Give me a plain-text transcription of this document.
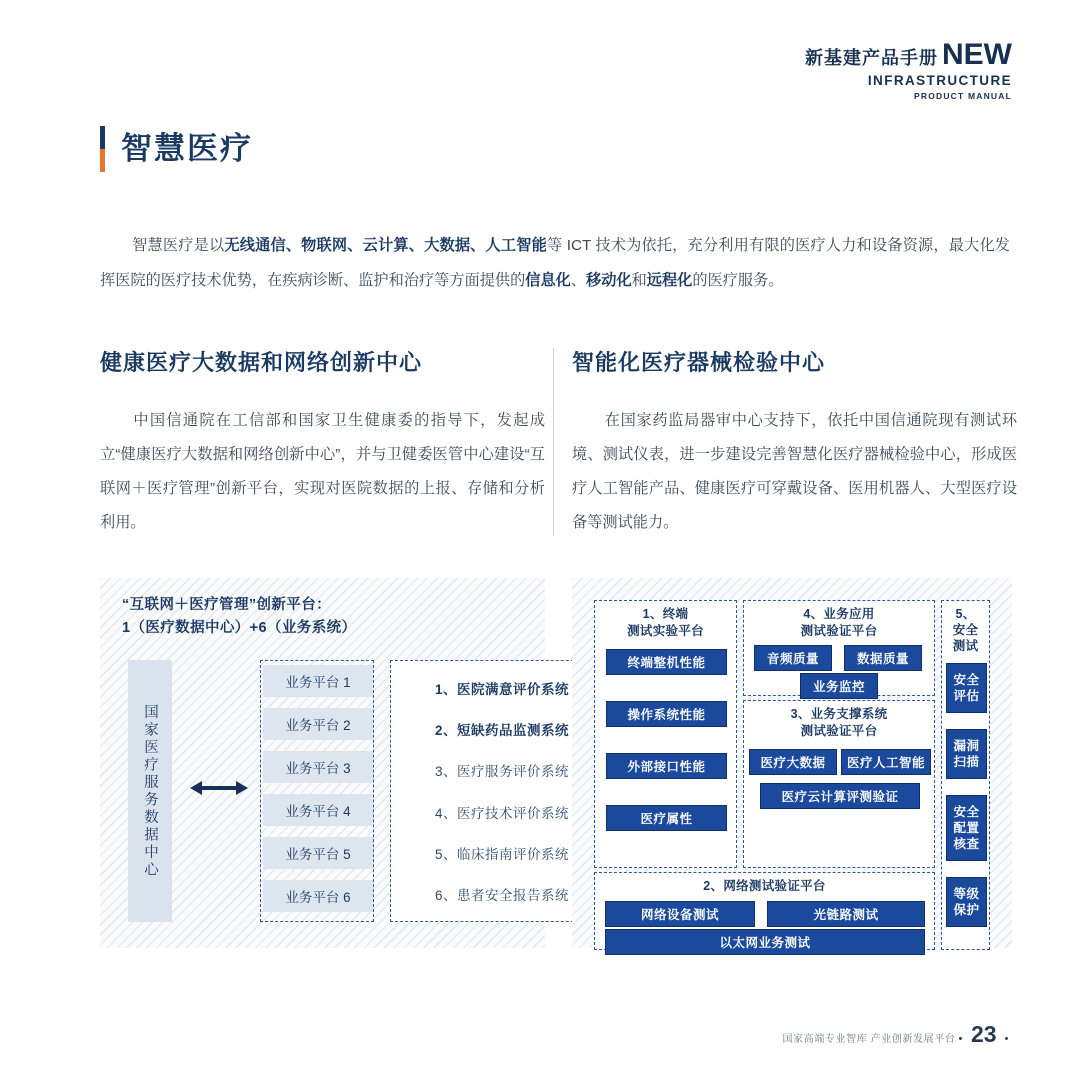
新基建产品手册 NEW
INFRASTRUCTURE
PRODUCT MANUAL
智慧医疗
智慧医疗是以无线通信、物联网、云计算、大数据、人工智能等 ICT 技术为依托，充分利用有限的医疗人力和设备资源，最大化发挥医院的医疗技术优势，在疾病诊断、监护和治疗等方面提供的信息化、移动化和远程化的医疗服务。
健康医疗大数据和网络创新中心
中国信通院在工信部和国家卫生健康委的指导下，发起成立“健康医疗大数据和网络创新中心”，并与卫健委医管中心建设“互联网＋医疗管理”创新平台，实现对医院数据的上报、存储和分析利用。
智能化医疗器械检验中心
在国家药监局器审中心支持下，依托中国信通院现有测试环境、测试仪表，进一步建设完善智慧化医疗器械检验中心，形成医疗人工智能产品、健康医疗可穿戴设备、医用机器人、大型医疗设备等测试能力。
“互联网＋医疗管理”创新平台：
1（医疗数据中心）+6（业务系统）
国家医疗服务数据中心
业务平台 1
业务平台 2
业务平台 3
业务平台 4
业务平台 5
业务平台 6
1、医院满意评价系统
2、短缺药品监测系统
3、医疗服务评价系统
4、医疗技术评价系统
5、临床指南评价系统
6、患者安全报告系统
1、终端
测试实验平台
终端整机性能
操作系统性能
外部接口性能
医疗属性
4、业务应用
测试验证平台
音频质量	数据质量
业务监控
3、业务支撑系统
测试验证平台
医疗大数据	医疗人工智能
医疗云计算评测验证
2、网络测试验证平台
网络设备测试	光链路测试
以太网业务测试
5、
安全
测试
安全
评估
漏洞
扫描
安全
配置
核查
等级
保护
国家高端专业智库 产业创新发展平台 • 23 •
